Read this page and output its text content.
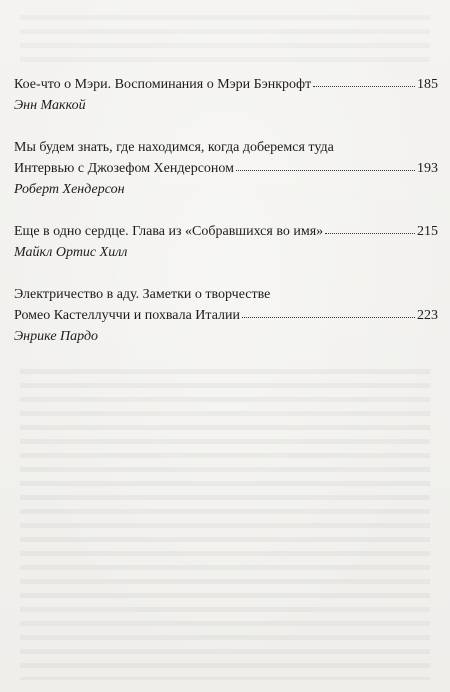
Кое-что о Мэри. Воспоминания о Мэри Бэнкрофт	185
Энн Маккой
Мы будем знать, где находимся, когда доберемся туда
Интервью с Джозефом Хендерсоном	193
Роберт Хендерсон
Еще в одно сердце. Глава из «Собравшихся во имя»	215
Майкл Ортис Хилл
Электричество в аду. Заметки о творчестве
Ромео Кастеллуччи и похвала Италии	223
Энрике Пардо
